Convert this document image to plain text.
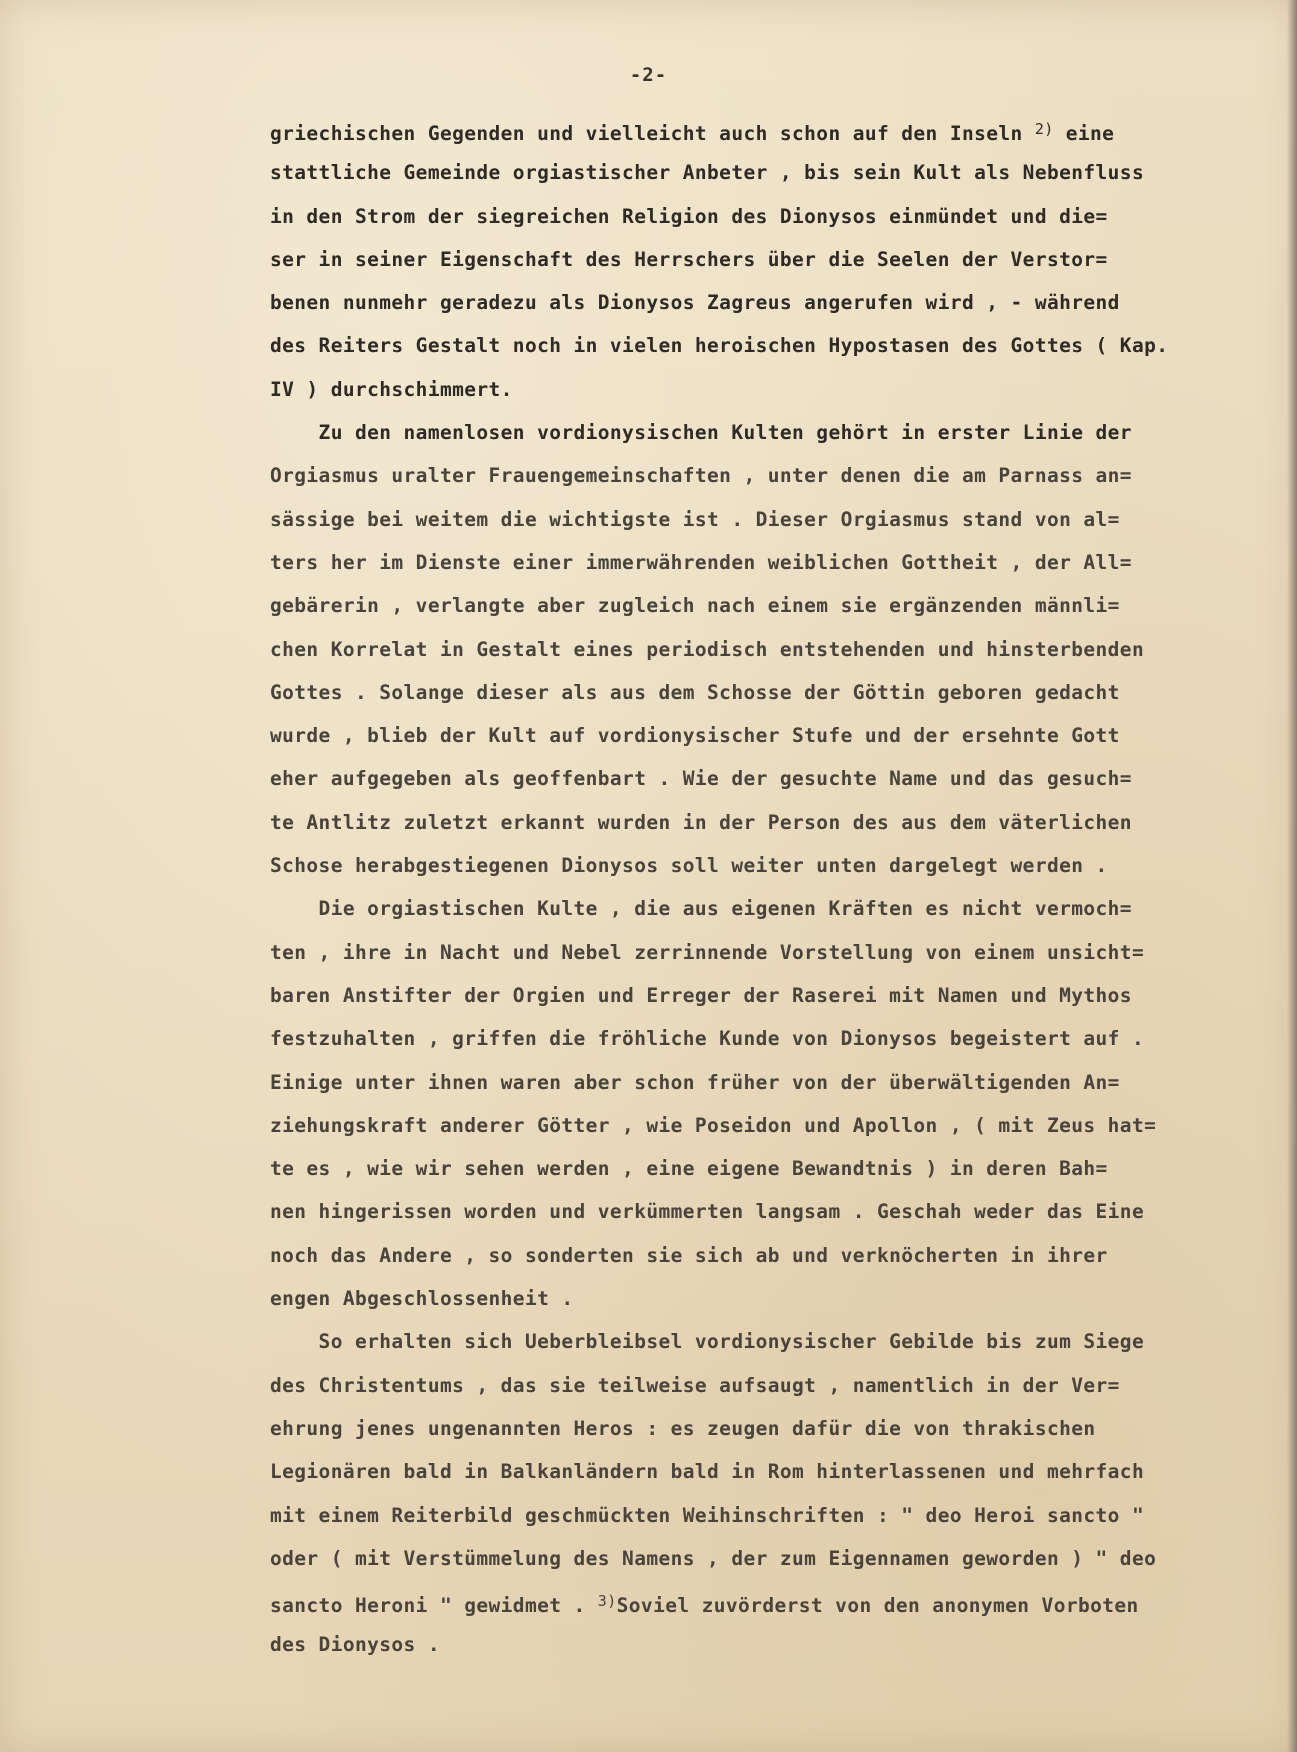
-2-
griechischen Gegenden und vielleicht auch schon auf den Inseln $^{2)}$ eine
stattliche Gemeinde orgiastischer Anbeter , bis sein Kult als Nebenfluss
in den Strom der siegreichen Religion des Dionysos einmündet und die=
ser in seiner Eigenschaft des Herrschers über die Seelen der Verstor=
benen nunmehr geradezu als Dionysos Zagreus angerufen wird , - während
des Reiters Gestalt noch in vielen heroischen Hypostasen des Gottes ( Kap.
IV ) durchschimmert.
Zu den namenlosen vordionysischen Kulten gehört in erster Linie der
Orgiasmus uralter Frauengemeinschaften , unter denen die am Parnass an=
sässige bei weitem die wichtigste ist . Dieser Orgiasmus stand von al=
ters her im Dienste einer immerwährenden weiblichen Gottheit , der All=
gebärerin , verlangte aber zugleich nach einem sie ergänzenden männli=
chen Korrelat in Gestalt eines periodisch entstehenden und hinsterbenden
Gottes . Solange dieser als aus dem Schosse der Göttin geboren gedacht
wurde , blieb der Kult auf vordionysischer Stufe und der ersehnte Gott
eher aufgegeben als geoffenbart . Wie der gesuchte Name und das gesuch=
te Antlitz zuletzt erkannt wurden in der Person des aus dem väterlichen
Schose herabgestiegenen Dionysos soll weiter unten dargelegt werden .
Die orgiastischen Kulte , die aus eigenen Kräften es nicht vermoch=
ten , ihre in Nacht und Nebel zerrinnende Vorstellung von einem unsicht=
baren Anstifter der Orgien und Erreger der Raserei mit Namen und Mythos
festzuhalten , griffen die fröhliche Kunde von Dionysos begeistert auf .
Einige unter ihnen waren aber schon früher von der überwältigenden An=
ziehungskraft anderer Götter , wie Poseidon und Apollon , ( mit Zeus hat=
te es , wie wir sehen werden , eine eigene Bewandtnis ) in deren Bah=
nen hingerissen worden und verkümmerten langsam . Geschah weder das Eine
noch das Andere , so sonderten sie sich ab und verknöcherten in ihrer
engen Abgeschlossenheit .
So erhalten sich Ueberbleibsel vordionysischer Gebilde bis zum Siege
des Christentums , das sie teilweise aufsaugt , namentlich in der Ver=
ehrung jenes ungenannten Heros : es zeugen dafür die von thrakischen
Legionären bald in Balkanländern bald in Rom hinterlassenen und mehrfach
mit einem Reiterbild geschmückten Weihinschriften : " deo Heroi sancto "
oder ( mit Verstümmelung des Namens , der zum Eigennamen geworden ) " deo
sancto Heroni " gewidmet . $^{3)}$Soviel zuvörderst von den anonymen Vorboten
des Dionysos .
